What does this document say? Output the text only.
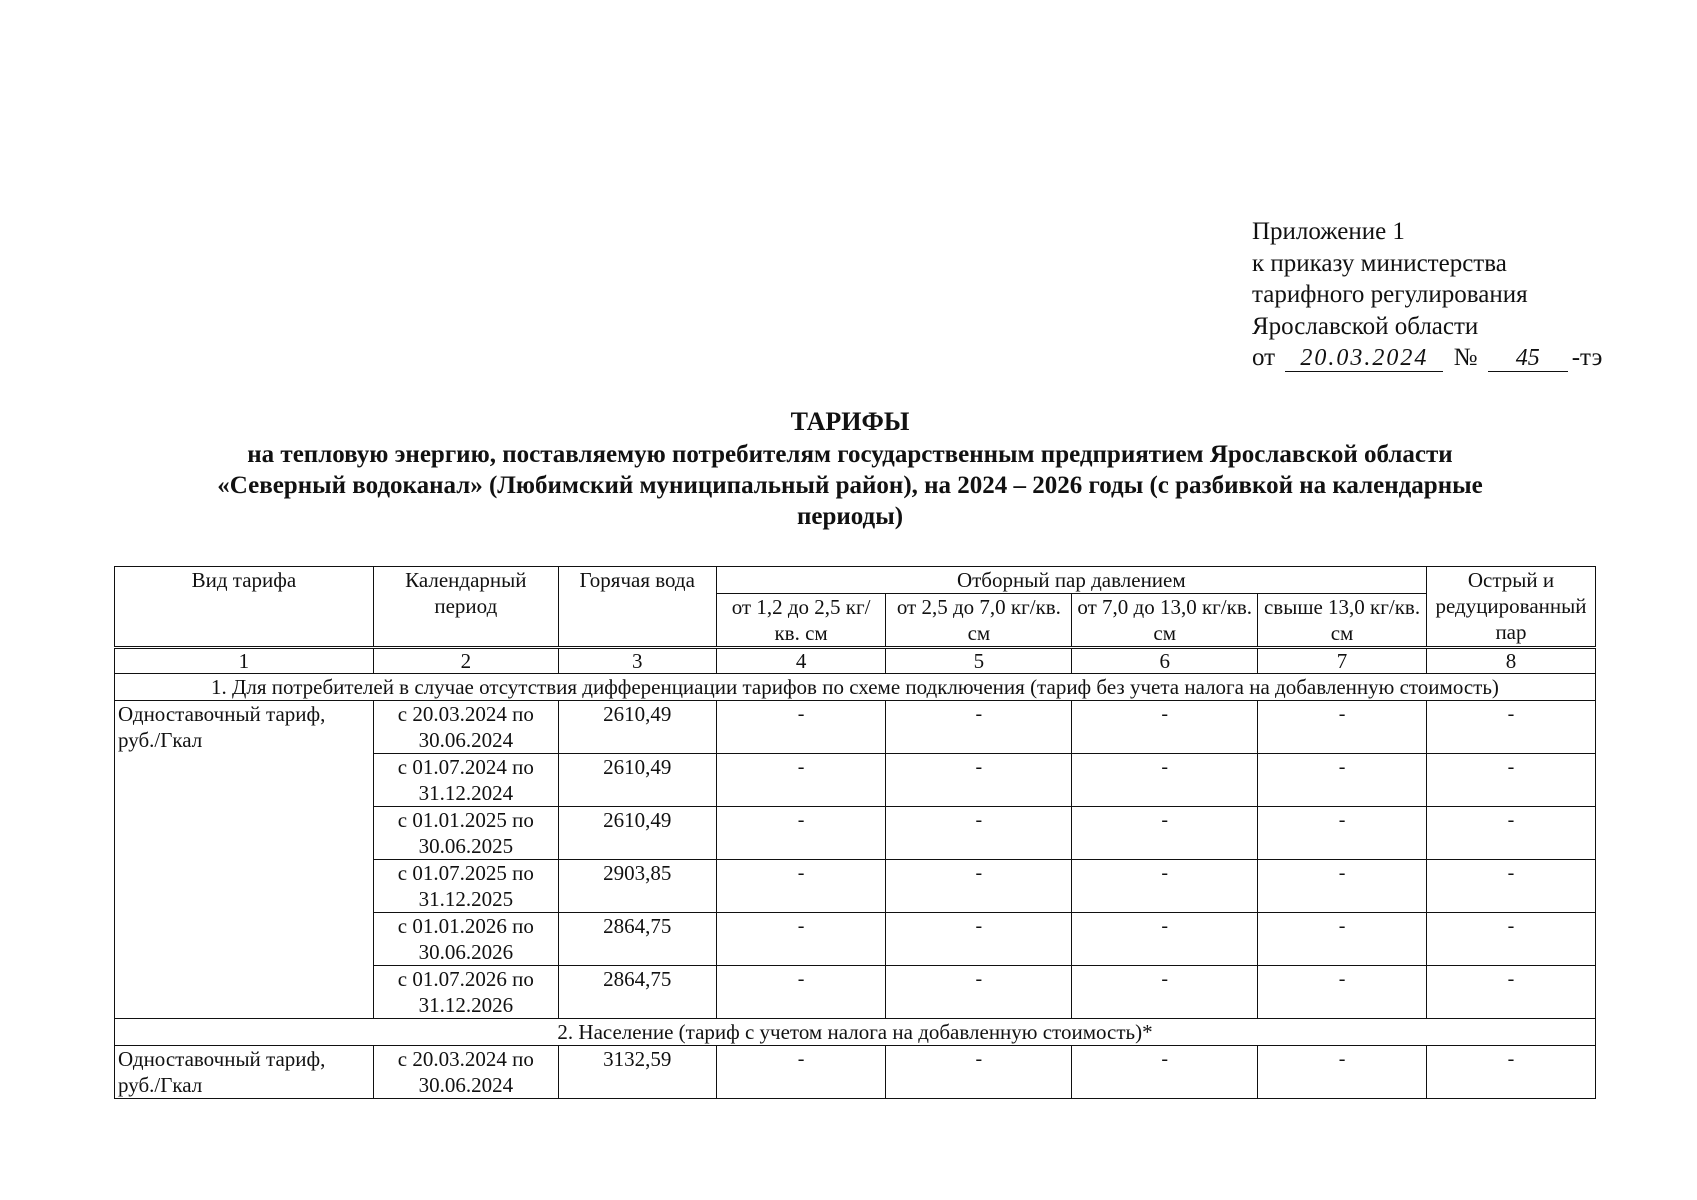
Приложение 1
к приказу министерства
тарифного регулирования
Ярославской области
от 20.03.2024 № 45 -тэ
ТАРИФЫ
на тепловую энергию, поставляемую потребителям государственным предприятием Ярославской области
«Северный водоканал» (Любимский муниципальный район), на 2024 – 2026 годы (с разбивкой на календарные
периоды)
Вид тарифа	Календарный период	Горячая вода	Отборный пар давлением				Острый и редуцированный пар
			от 1,2 до 2,5 кг/кв. см	от 2,5 до 7,0 кг/кв. см	от 7,0 до 13,0 кг/кв. см	свыше 13,0 кг/кв. см	
1	2	3	4	5	6	7	8
1. Для потребителей в случае отсутствия дифференциации тарифов по схеме подключения (тариф без учета налога на добавленную стоимость)							
Одноставочный тариф, руб./Гкал	с 20.03.2024 по 30.06.2024	2610,49	-	-	-	-	-
	с 01.07.2024 по 31.12.2024	2610,49	-	-	-	-	-
	с 01.01.2025 по 30.06.2025	2610,49	-	-	-	-	-
	с 01.07.2025 по 31.12.2025	2903,85	-	-	-	-	-
	с 01.01.2026 по 30.06.2026	2864,75	-	-	-	-	-
	с 01.07.2026 по 31.12.2026	2864,75	-	-	-	-	-
2. Население (тариф с учетом налога на добавленную стоимость)*							
Одноставочный тариф, руб./Гкал	с 20.03.2024 по 30.06.2024	3132,59	-	-	-	-	-
